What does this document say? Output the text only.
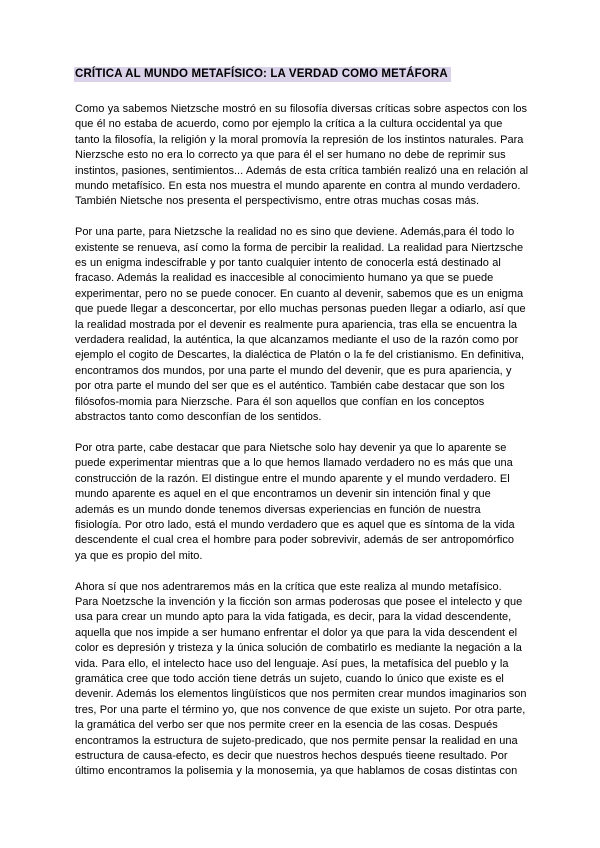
CRÍTICA AL MUNDO METAFÍSICO: LA VERDAD COMO METÁFORA

Como ya sabemos Nietzsche mostró en su filosofía diversas críticas sobre aspectos con los que él no estaba de acuerdo, como por ejemplo la crítica a la cultura occidental ya que tanto la filosofía, la religión y la moral promovía la represión de los instintos naturales. Para Nierzsche esto no era lo correcto ya que para él el ser humano no debe de reprimir sus instintos, pasiones, sentimientos... Además de esta crítica también realizó una en relación al mundo metafísico. En esta nos muestra el mundo aparente en contra al mundo verdadero. También Nietsche nos presenta el perspectivismo, entre otras muchas cosas más.

Por una parte, para Nietzsche la realidad no es sino que deviene. Además,para él todo lo existente se renueva, así como la forma de percibir la realidad. La realidad para Niertzsche es un enigma indescifrable y por tanto cualquier intento de conocerla está destinado al fracaso. Además la realidad es inaccesible al conocimiento humano ya que se puede experimentar, pero no se puede conocer. En cuanto al devenir, sabemos que es un enigma que puede llegar a desconcertar, por ello muchas personas pueden llegar a odiarlo, así que la realidad mostrada por el devenir es realmente pura apariencia, tras ella se encuentra la verdadera realidad, la auténtica, la que alcanzamos mediante el uso de la razón como por ejemplo el cogito de Descartes, la dialéctica de Platón o la fe del cristianismo. En definitiva, encontramos dos mundos, por una parte el mundo del devenir, que es pura apariencia, y por otra parte el mundo del ser que es el auténtico. También cabe destacar que son los filósofos-momia para Nierzsche. Para él son aquellos que confían en los conceptos abstractos tanto como desconfían de los sentidos.

Por otra parte, cabe destacar que para Nietsche solo hay devenir ya que lo aparente se puede experimentar mientras que a lo que hemos llamado verdadero no es más que una construcción de la razón. El distingue entre el mundo aparente y el mundo verdadero. El mundo aparente es aquel en el que encontramos un devenir sin intención final y que además es un mundo donde tenemos diversas experiencias en función de nuestra fisiología. Por otro lado, está el mundo verdadero que es aquel que es síntoma de la vida descendente el cual crea el hombre para poder sobrevivir, además de ser antropomórfico ya que es propio del mito.

Ahora sí que nos adentraremos más en la crítica que este realiza al mundo metafísico. Para Noetzsche la invención y la ficción son armas poderosas que posee el intelecto y que usa para crear un mundo apto para la vida fatigada, es decir, para la vidad descendente, aquella que nos impide a ser humano enfrentar el dolor ya que para la vida descendent el color es depresión y tristeza y la única solución de combatirlo es mediante la negación a la vida. Para ello, el intelecto hace uso del lenguaje. Así pues, la metafísica del pueblo y la gramática cree que todo acción tiene detrás un sujeto, cuando lo único que existe es el devenir. Además los elementos lingüísticos que nos permiten crear mundos imaginarios son tres, Por una parte el término yo, que nos convence de que existe un sujeto. Por otra parte, la gramática del verbo ser que nos permite creer en la esencia de las cosas. Después encontramos la estructura de sujeto-predicado, que nos permite pensar la realidad en una estructura de causa-efecto, es decir que nuestros hechos después tieene resultado. Por último encontramos la polisemia y la monosemia, ya que hablamos de cosas distintas con
